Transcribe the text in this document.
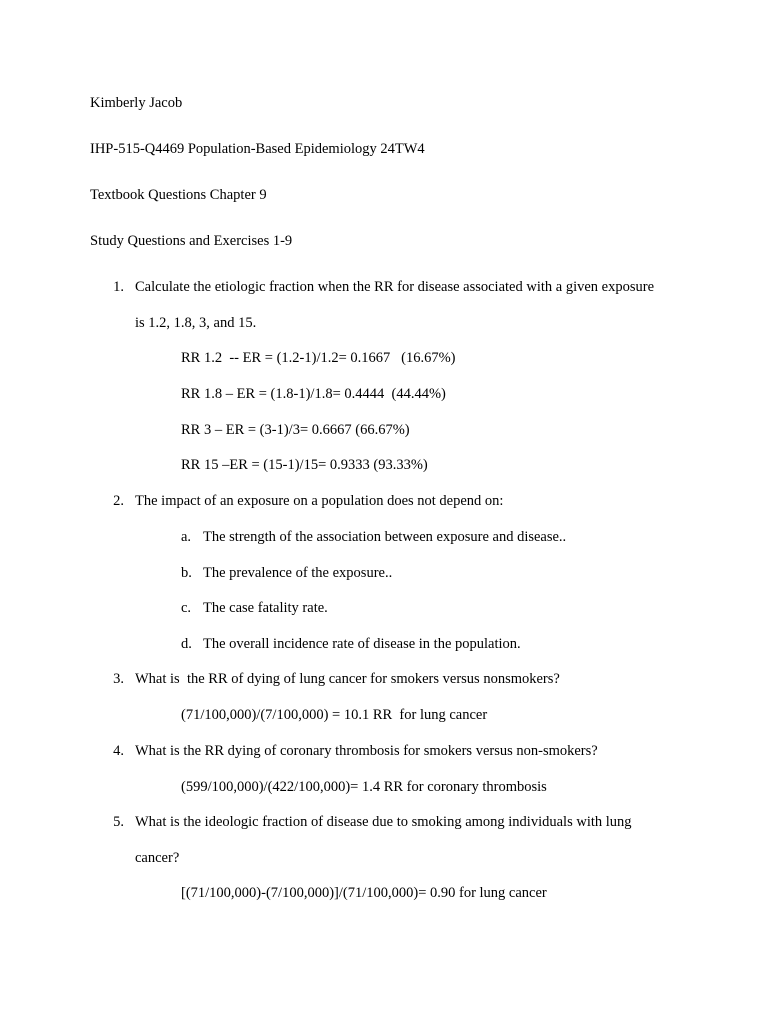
Kimberly Jacob
IHP-515-Q4469 Population-Based Epidemiology 24TW4
Textbook Questions Chapter 9
Study Questions and Exercises 1-9
1. Calculate the etiologic fraction when the RR for disease associated with a given exposure
is 1.2, 1.8, 3, and 15.
RR 1.2  -- ER = (1.2-1)/1.2= 0.1667   (16.67%)
RR 1.8 – ER = (1.8-1)/1.8= 0.4444  (44.44%)
RR 3 – ER = (3-1)/3= 0.6667 (66.67%)
RR 15 –ER = (15-1)/15= 0.9333 (93.33%)
2. The impact of an exposure on a population does not depend on:
a. The strength of the association between exposure and disease..
b. The prevalence of the exposure..
c. The case fatality rate.
d. The overall incidence rate of disease in the population.
3. What is  the RR of dying of lung cancer for smokers versus nonsmokers?
(71/100,000)/(7/100,000) = 10.1 RR  for lung cancer
4. What is the RR dying of coronary thrombosis for smokers versus non-smokers?
(599/100,000)/(422/100,000)= 1.4 RR for coronary thrombosis
5. What is the ideologic fraction of disease due to smoking among individuals with lung
cancer?
[(71/100,000)-(7/100,000)]/(71/100,000)= 0.90 for lung cancer
